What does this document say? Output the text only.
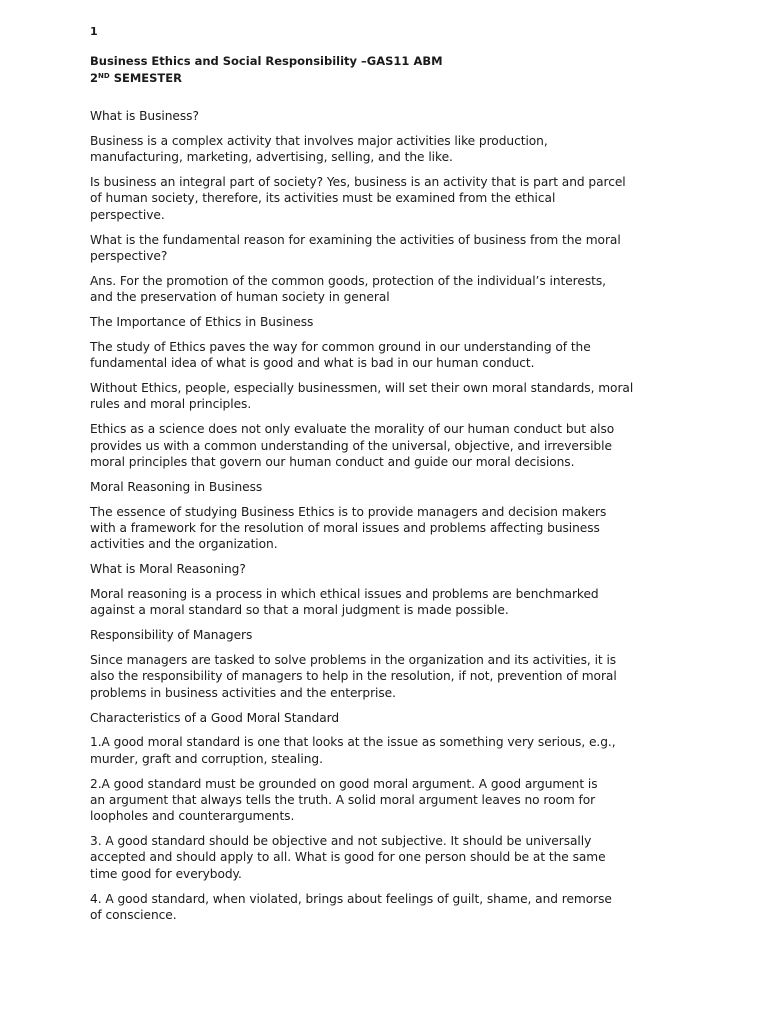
1
Business Ethics and Social Responsibility –GAS11 ABM
2ND SEMESTER

What is Business?

Business is a complex activity that involves major activities like production,
manufacturing, marketing, advertising, selling, and the like.

Is business an integral part of society? Yes, business is an activity that is part and parcel
of human society, therefore, its activities must be examined from the ethical
perspective.

What is the fundamental reason for examining the activities of business from the moral
perspective?

Ans. For the promotion of the common goods, protection of the individual’s interests,
and the preservation of human society in general

The Importance of Ethics in Business

The study of Ethics paves the way for common ground in our understanding of the
fundamental idea of what is good and what is bad in our human conduct.

Without Ethics, people, especially businessmen, will set their own moral standards, moral
rules and moral principles.

Ethics as a science does not only evaluate the morality of our human conduct but also
provides us with a common understanding of the universal, objective, and irreversible
moral principles that govern our human conduct and guide our moral decisions.

Moral Reasoning in Business

The essence of studying Business Ethics is to provide managers and decision makers
with a framework for the resolution of moral issues and problems affecting business
activities and the organization.

What is Moral Reasoning?

Moral reasoning is a process in which ethical issues and problems are benchmarked
against a moral standard so that a moral judgment is made possible.

Responsibility of Managers

Since managers are tasked to solve problems in the organization and its activities, it is
also the responsibility of managers to help in the resolution, if not, prevention of moral
problems in business activities and the enterprise.

Characteristics of a Good Moral Standard

1.A good moral standard is one that looks at the issue as something very serious, e.g.,
murder, graft and corruption, stealing.

2.A good standard must be grounded on good moral argument. A good argument is
an argument that always tells the truth. A solid moral argument leaves no room for
loopholes and counterarguments.

3. A good standard should be objective and not subjective. It should be universally
accepted and should apply to all. What is good for one person should be at the same
time good for everybody.

4. A good standard, when violated, brings about feelings of guilt, shame, and remorse
of conscience.
